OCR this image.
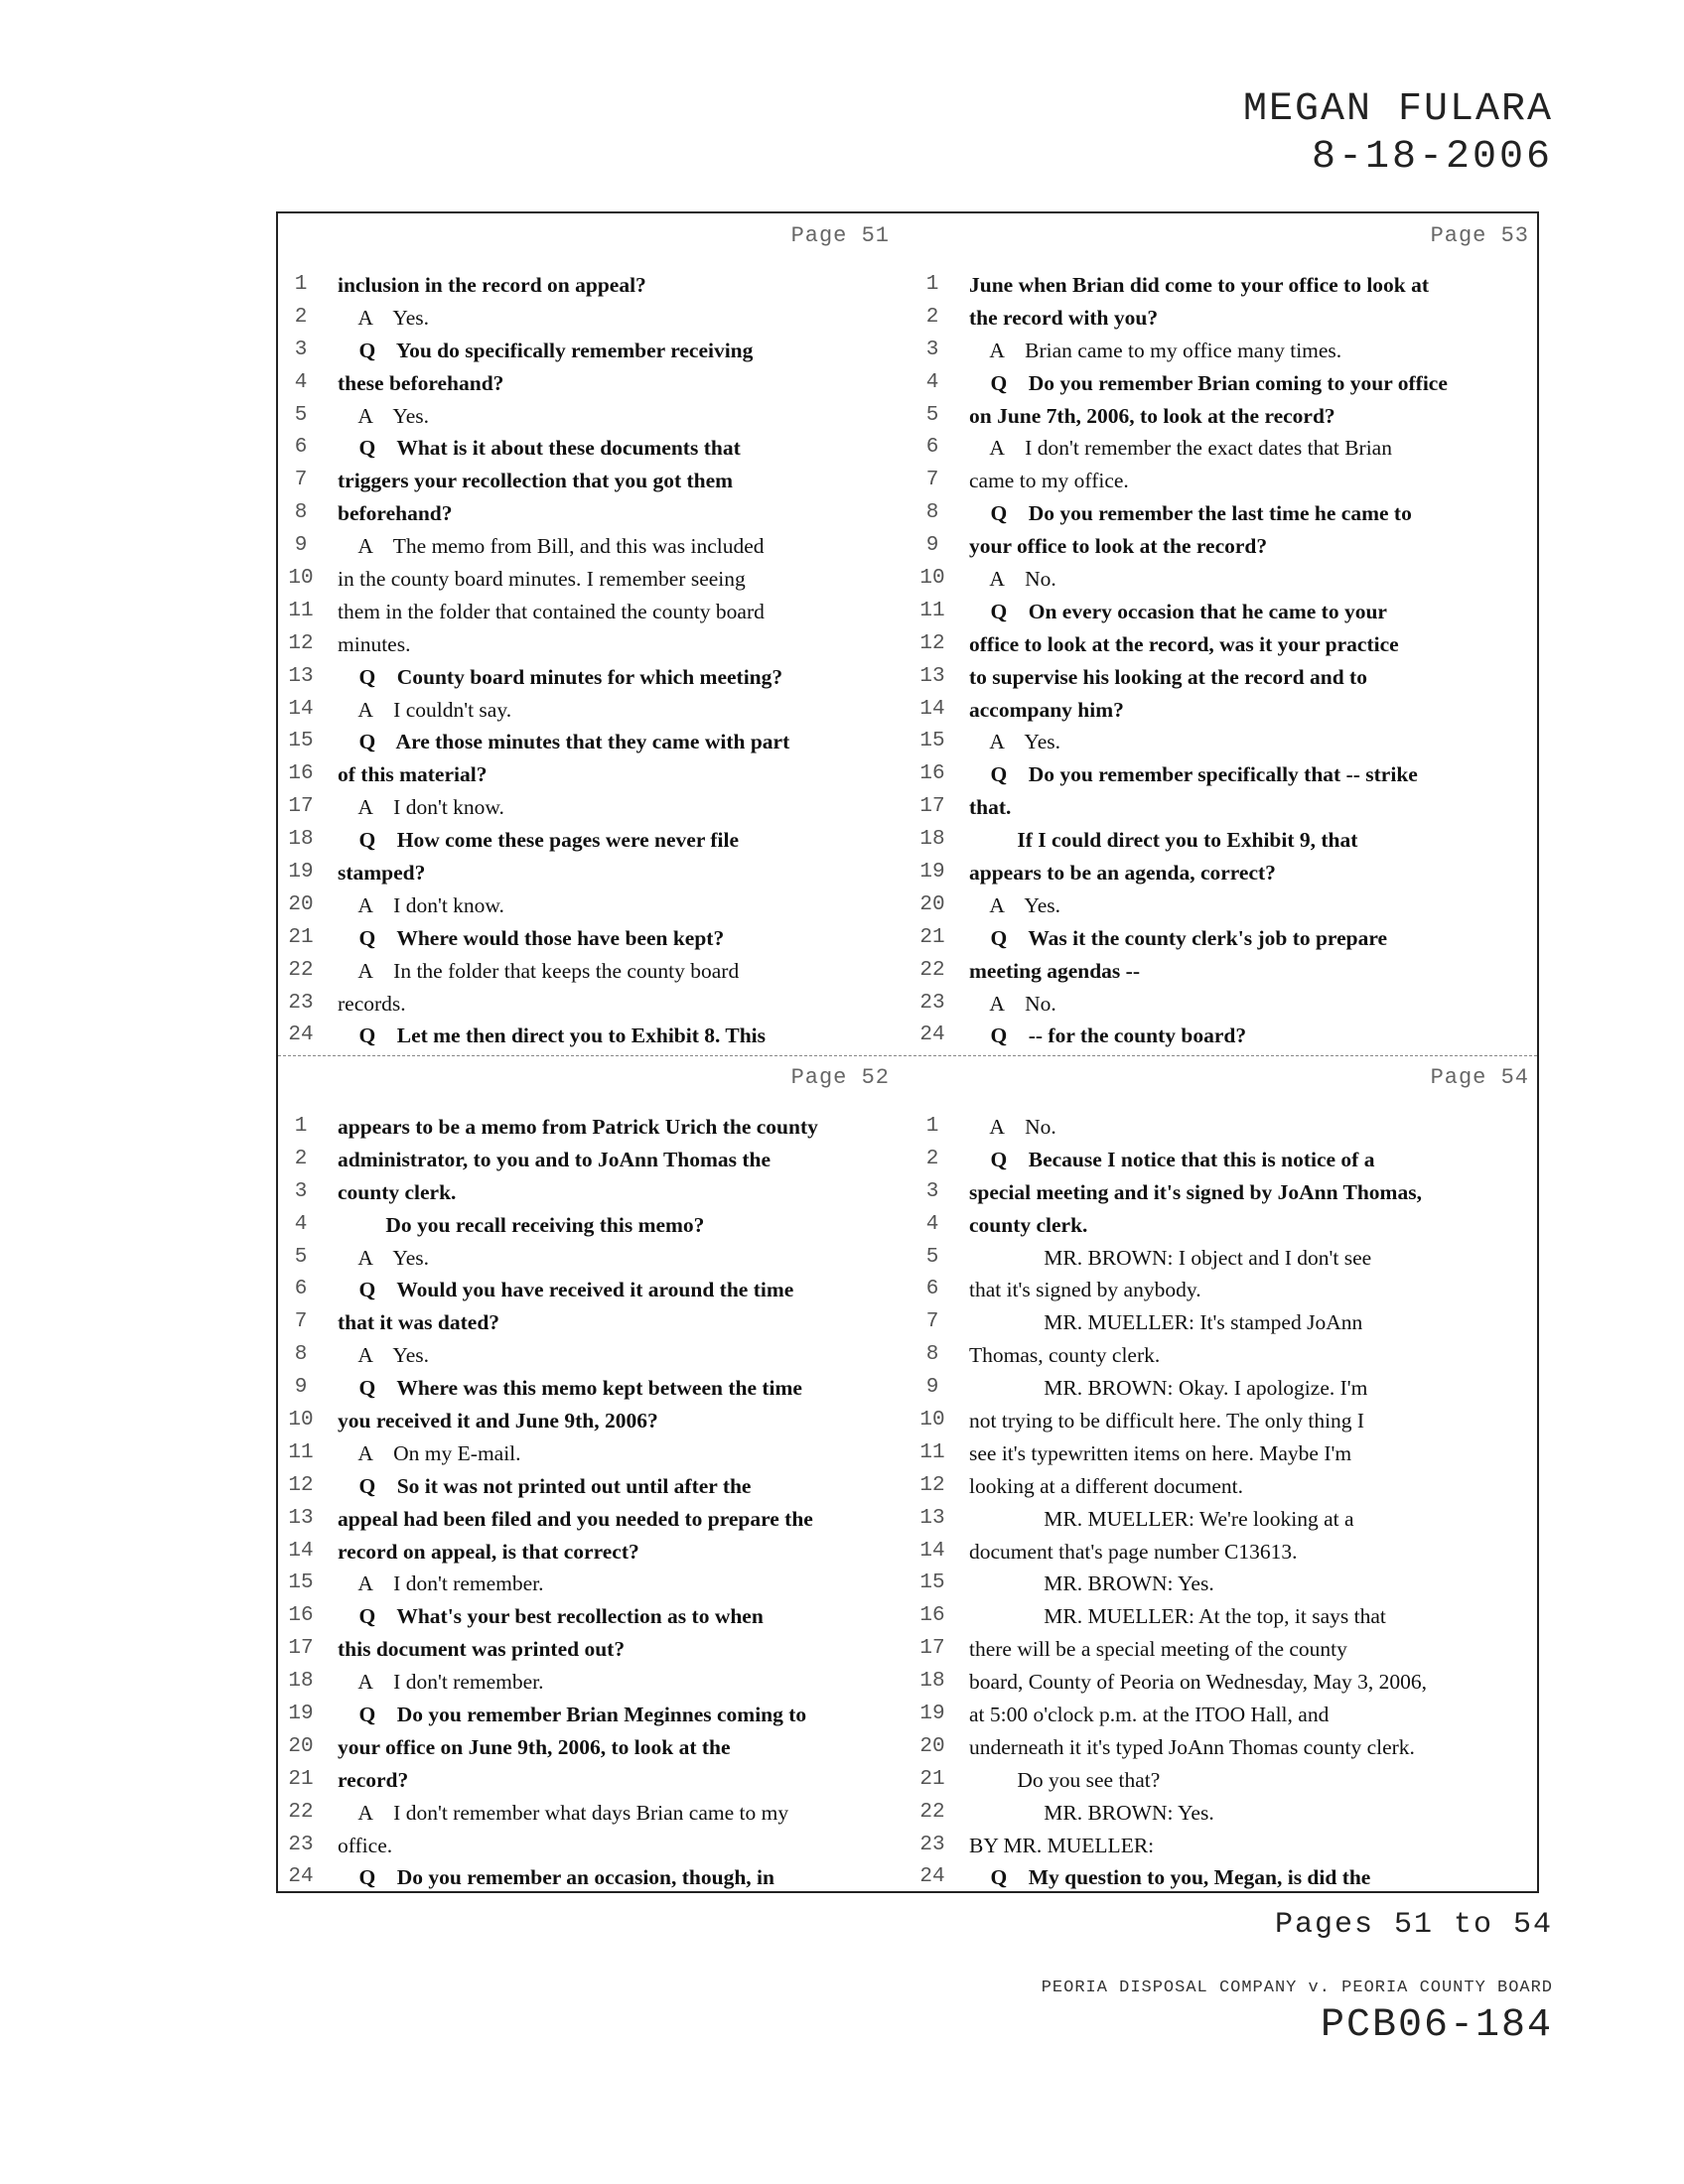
MEGAN FULARA
8-18-2006
Page 51
1	inclusion in the record on appeal?
2	A    Yes.
3	Q    You do specifically remember receiving
4	these beforehand?
5	A    Yes.
6	Q    What is it about these documents that
7	triggers your recollection that you got them
8	beforehand?
9	A    The memo from Bill, and this was included
10 in the county board minutes. I remember seeing
11 them in the folder that contained the county board
12 minutes.
13 Q    County board minutes for which meeting?
14 A    I couldn't say.
15 Q    Are those minutes that they came with part
16 of this material?
17 A    I don't know.
18 Q    How come these pages were never file
19 stamped?
20 A    I don't know.
21 Q    Where would those have been kept?
22 A    In the folder that keeps the county board
23 records.
24 Q    Let me then direct you to Exhibit 8. This
Page 53
1	June when Brian did come to your office to look at
2	the record with you?
3	A    Brian came to my office many times.
4	Q    Do you remember Brian coming to your office
5	on June 7th, 2006, to look at the record?
6	A    I don't remember the exact dates that Brian
7	came to my office.
8	Q    Do you remember the last time he came to
9	your office to look at the record?
10 A    No.
11 Q    On every occasion that he came to your
12 office to look at the record, was it your practice
13 to supervise his looking at the record and to
14 accompany him?
15 A    Yes.
16 Q    Do you remember specifically that -- strike
17 that.
18 If I could direct you to Exhibit 9, that
19 appears to be an agenda, correct?
20 A    Yes.
21 Q    Was it the county clerk's job to prepare
22 meeting agendas --
23 A    No.
24 Q    -- for the county board?
Page 52
1	appears to be a memo from Patrick Urich the county
2	administrator, to you and to JoAnn Thomas the
3	county clerk.
4	Do you recall receiving this memo?
5	A    Yes.
6	Q    Would you have received it around the time
7	that it was dated?
8	A    Yes.
9	Q    Where was this memo kept between the time
10 you received it and June 9th, 2006?
11 A    On my E-mail.
12 Q    So it was not printed out until after the
13 appeal had been filed and you needed to prepare the
14 record on appeal, is that correct?
15 A    I don't remember.
16 Q    What's your best recollection as to when
17 this document was printed out?
18 A    I don't remember.
19 Q    Do you remember Brian Meginnes coming to
20 your office on June 9th, 2006, to look at the
21 record?
22 A    I don't remember what days Brian came to my
23 office.
24 Q    Do you remember an occasion, though, in
Page 54
1	A    No.
2	Q    Because I notice that this is notice of a
3	special meeting and it's signed by JoAnn Thomas,
4	county clerk.
5	MR. BROWN: I object and I don't see
6	that it's signed by anybody.
7	MR. MUELLER: It's stamped JoAnn
8	Thomas, county clerk.
9	MR. BROWN: Okay. I apologize. I'm
10 not trying to be difficult here. The only thing I
11 see it's typewritten items on here. Maybe I'm
12 looking at a different document.
13 MR. MUELLER: We're looking at a
14 document that's page number C13613.
15 MR. BROWN: Yes.
16 MR. MUELLER: At the top, it says that
17 there will be a special meeting of the county
18 board, County of Peoria on Wednesday, May 3, 2006,
19 at 5:00 o'clock p.m. at the ITOO Hall, and
20 underneath it it's typed JoAnn Thomas county clerk.
21 Do you see that?
22 MR. BROWN: Yes.
23 BY MR. MUELLER:
24 Q    My question to you, Megan, is did the
Pages 51 to 54
PEORIA DISPOSAL COMPANY v. PEORIA COUNTY BOARD
PCB06-184
